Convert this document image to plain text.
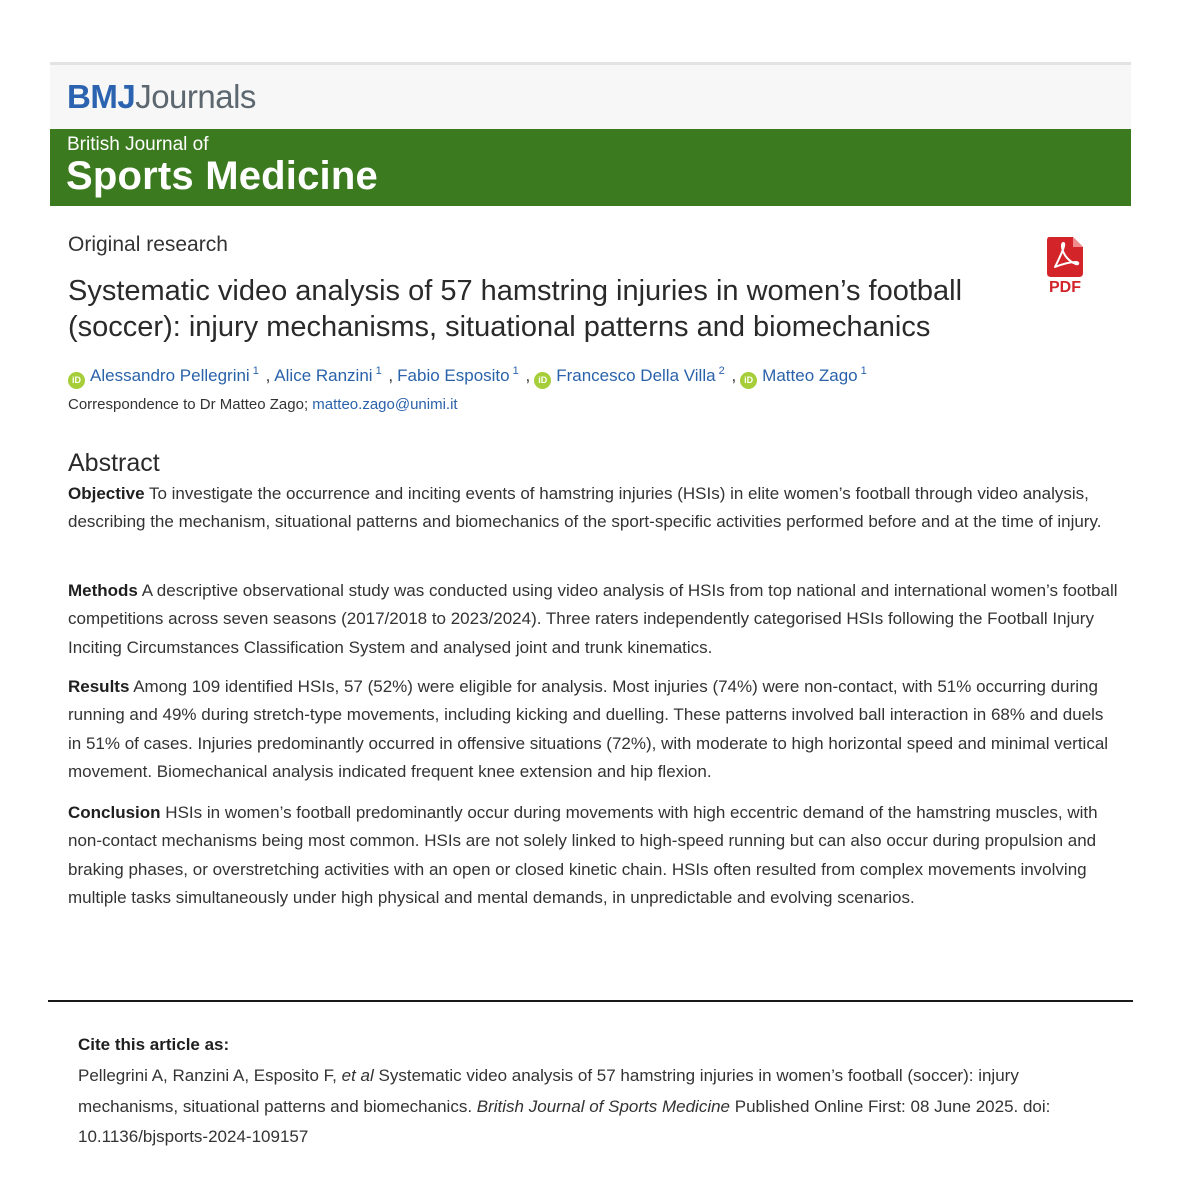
BMJJournals
British Journal of
Sports Medicine
Original research
Systematic video analysis of 57 hamstring injuries in women’s football (soccer): injury mechanisms, situational patterns and biomechanics
PDF
iD Alessandro Pellegrini $^1$ , Alice Ranzini $^1$ , Fabio Esposito $^1$ , iD Francesco Della Villa $^2$ , iD Matteo Zago $^1$
Correspondence to Dr Matteo Zago; matteo.zago@unimi.it
Abstract

Objective To investigate the occurrence and inciting events of hamstring injuries (HSIs) in elite women’s football through video analysis, describing the mechanism, situational patterns and biomechanics of the sport-specific activities performed before and at the time of injury.

Methods A descriptive observational study was conducted using video analysis of HSIs from top national and international women’s football competitions across seven seasons (2017/2018 to 2023/2024). Three raters independently categorised HSIs following the Football Injury Inciting Circumstances Classification System and analysed joint and trunk kinematics.

Results Among 109 identified HSIs, 57 (52%) were eligible for analysis. Most injuries (74%) were non-contact, with 51% occurring during running and 49% during stretch-type movements, including kicking and duelling. These patterns involved ball interaction in 68% and duels in 51% of cases. Injuries predominantly occurred in offensive situations (72%), with moderate to high horizontal speed and minimal vertical movement. Biomechanical analysis indicated frequent knee extension and hip flexion.

Conclusion HSIs in women’s football predominantly occur during movements with high eccentric demand of the hamstring muscles, with non-contact mechanisms being most common. HSIs are not solely linked to high-speed running but can also occur during propulsion and braking phases, or overstretching activities with an open or closed kinetic chain. HSIs often resulted from complex movements involving multiple tasks simultaneously under high physical and mental demands, in unpredictable and evolving scenarios.

Cite this article as:

Pellegrini A, Ranzini A, Esposito F, et al Systematic video analysis of 57 hamstring injuries in women’s football (soccer): injury mechanisms, situational patterns and biomechanics. British Journal of Sports Medicine Published Online First: 08 June 2025. doi: 10.1136/bjsports-2024-109157
